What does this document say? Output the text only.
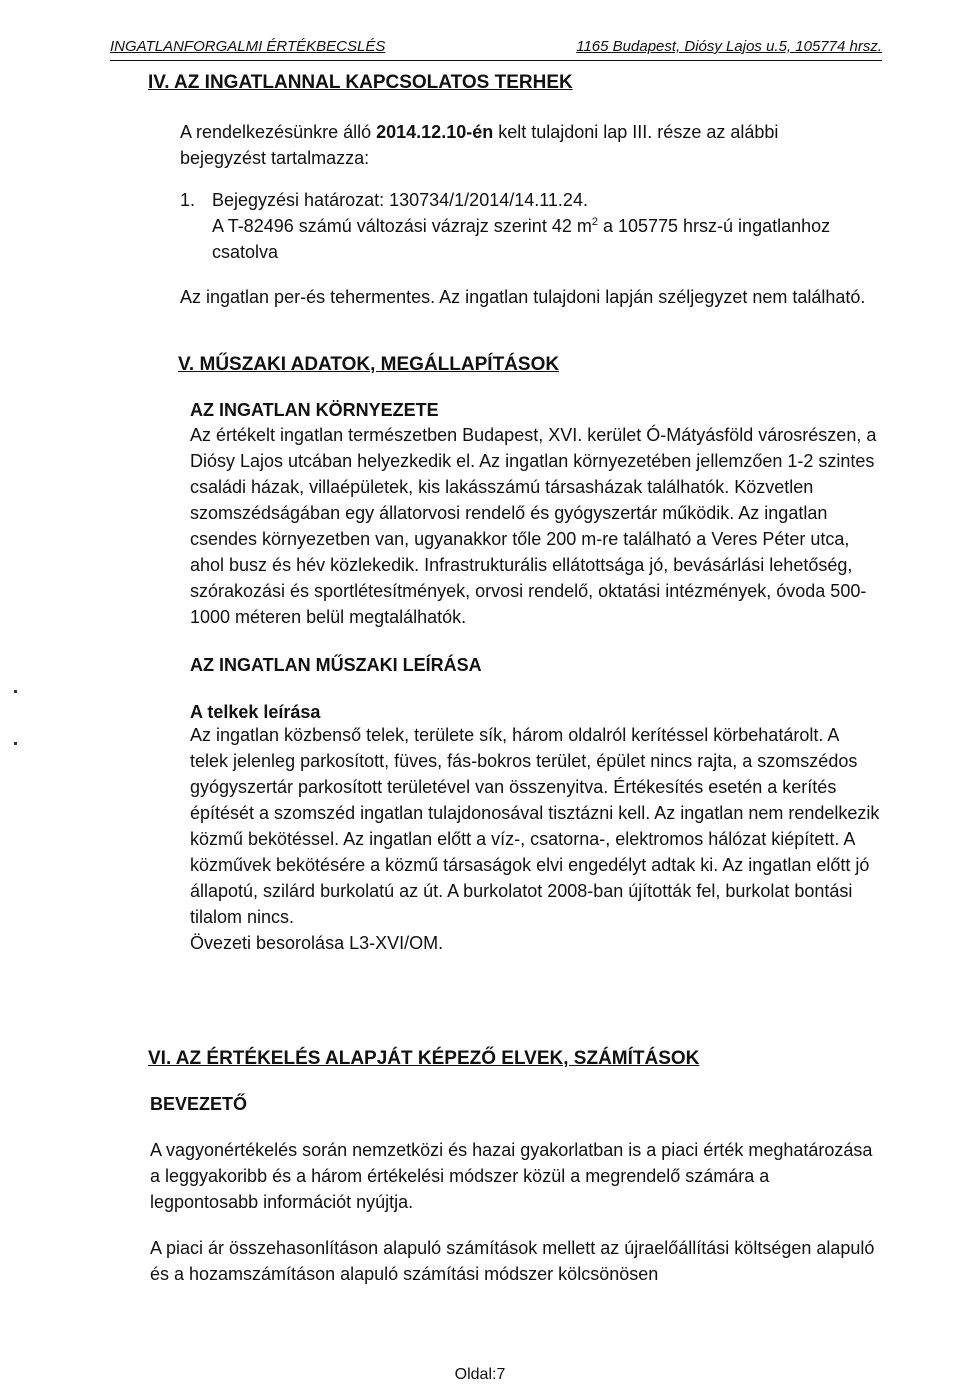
INGATLANFORGALMI ÉRTÉKBECSLÉS	1165 Budapest, Diósy Lajos u.5, 105774 hrsz.
IV. AZ INGATLANNAL KAPCSOLATOS TERHEK
A rendelkezésünkre álló 2014.12.10-én kelt tulajdoni lap III. része az alábbi bejegyzést tartalmazza:
1. Bejegyzési határozat: 130734/1/2014/14.11.24.
A T-82496 számú változási vázrajz szerint 42 $m^2$ a 105775 hrsz-ú ingatlanhoz csatolva
Az ingatlan per-és tehermentes. Az ingatlan tulajdoni lapján széljegyzet nem található.
V. MŰSZAKI ADATOK, MEGÁLLAPÍTÁSOK
AZ INGATLAN KÖRNYEZETE
Az értékelt ingatlan természetben Budapest, XVI. kerület Ó-Mátyásföld városrészen, a Diósy Lajos utcában helyezkedik el. Az ingatlan környezetében jellemzően 1-2 szintes családi házak, villaépületek, kis lakásszámú társasházak találhatók. Közvetlen szomszédságában egy állatorvosi rendelő és gyógyszertár működik. Az ingatlan csendes környezetben van, ugyanakkor tőle 200 m-re található a Veres Péter utca, ahol busz és hév közlekedik. Infrastrukturális ellátottsága jó, bevásárlási lehetőség, szórakozási és sportlétesítmények, orvosi rendelő, oktatási intézmények, óvoda 500-1000 méteren belül megtalálhatók.
AZ INGATLAN MŰSZAKI LEÍRÁSA
A telkek leírása
Az ingatlan közbenső telek, területe sík, három oldalról kerítéssel körbehatárolt. A telek jelenleg parkosított, füves, fás-bokros terület, épület nincs rajta, a szomszédos gyógyszertár parkosított területével van összenyitva. Értékesítés esetén a kerítés építését a szomszéd ingatlan tulajdonosával tisztázni kell. Az ingatlan nem rendelkezik közmű bekötéssel. Az ingatlan előtt a víz-, csatorna-, elektromos hálózat kiépített. A közművek bekötésére a közmű társaságok elvi engedélyt adtak ki. Az ingatlan előtt jó állapotú, szilárd burkolatú az út. A burkolatot 2008-ban újították fel, burkolat bontási tilalom nincs.
Övezeti besorolása L3-XVI/OM.
VI. AZ ÉRTÉKELÉS ALAPJÁT KÉPEZŐ ELVEK, SZÁMÍTÁSOK
BEVEZETŐ
A vagyonértékelés során nemzetközi és hazai gyakorlatban is a piaci érték meghatározása a leggyakoribb és a három értékelési módszer közül a megrendelő számára a legpontosabb információt nyújtja.
A piaci ár összehasonlításon alapuló számítások mellett az újraelőállítási költségen alapuló és a hozamszámításon alapuló számítási módszer kölcsönösen
Oldal:7
